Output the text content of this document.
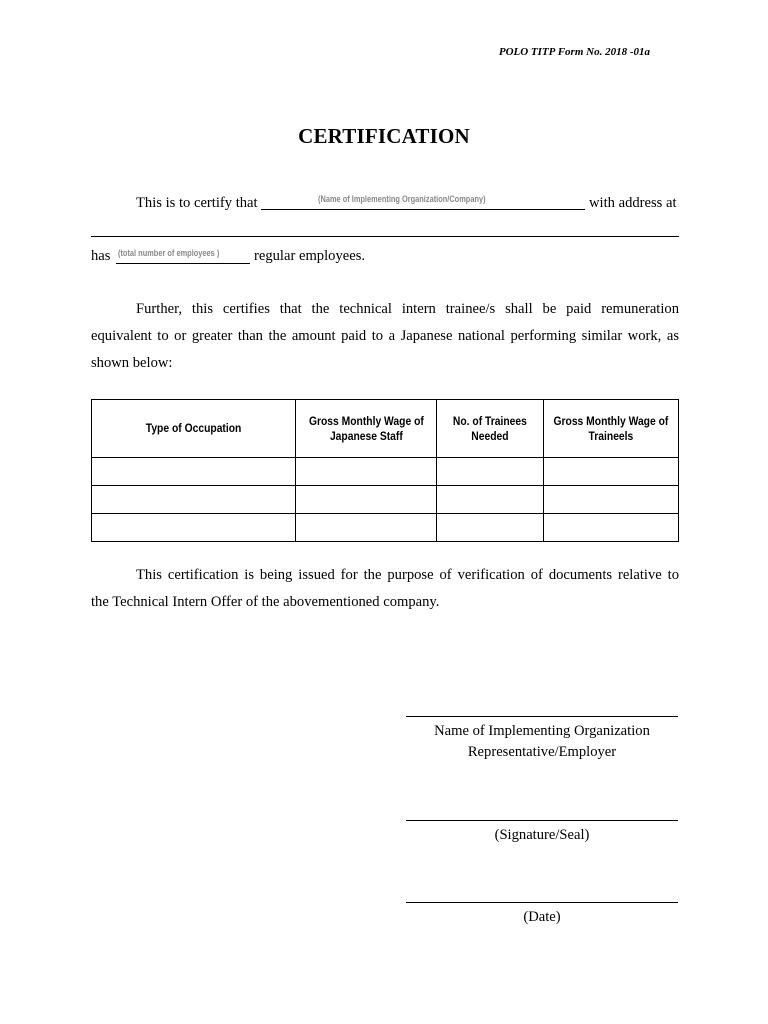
POLO TITP Form No. 2018 -01a
CERTIFICATION
This is to certify that	(Name of Implementing Organization/Company)	with address at
has (total number of employees ) regular employees.
Further, this certifies that the technical intern trainee/s shall be paid remuneration
equivalent to or greater than the amount paid to a Japanese national performing similar work, as
shown below:
Type of Occupation	Gross Monthly Wage of Japanese Staff	No. of Trainees Needed	Gross Monthly Wage of Traineels

This certification is being issued for the purpose of verification of documents relative to
the Technical Intern Offer of the abovementioned company.
Name of Implementing Organization
Representative/Employer
(Signature/Seal)
(Date)
